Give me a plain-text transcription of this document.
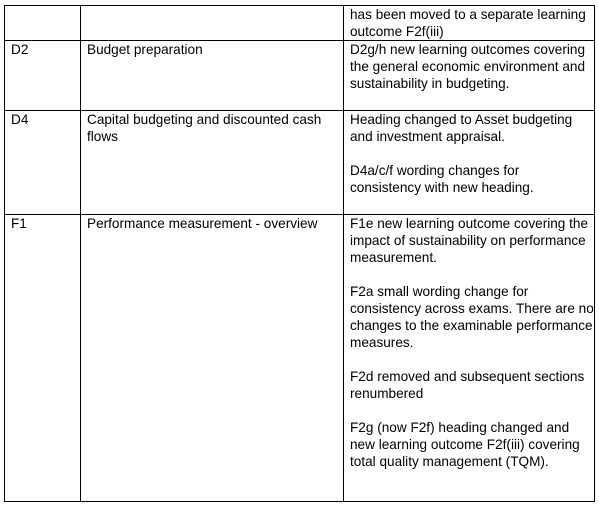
		has been moved to a separate learning outcome F2f(iii)

D2	Budget preparation	D2g/h new learning outcomes covering the general economic environment and sustainability in budgeting.

D4	Capital budgeting and discounted cash flows	Heading changed to Asset budgeting and investment appraisal.

D4a/c/f wording changes for consistency with new heading.

F1	Performance measurement - overview	F1e new learning outcome covering the impact of sustainability on performance measurement.

F2a small wording change for consistency across exams. There are no changes to the examinable performance measures.

F2d removed and subsequent sections renumbered

F2g (now F2f) heading changed and new learning outcome F2f(iii) covering total quality management (TQM).
